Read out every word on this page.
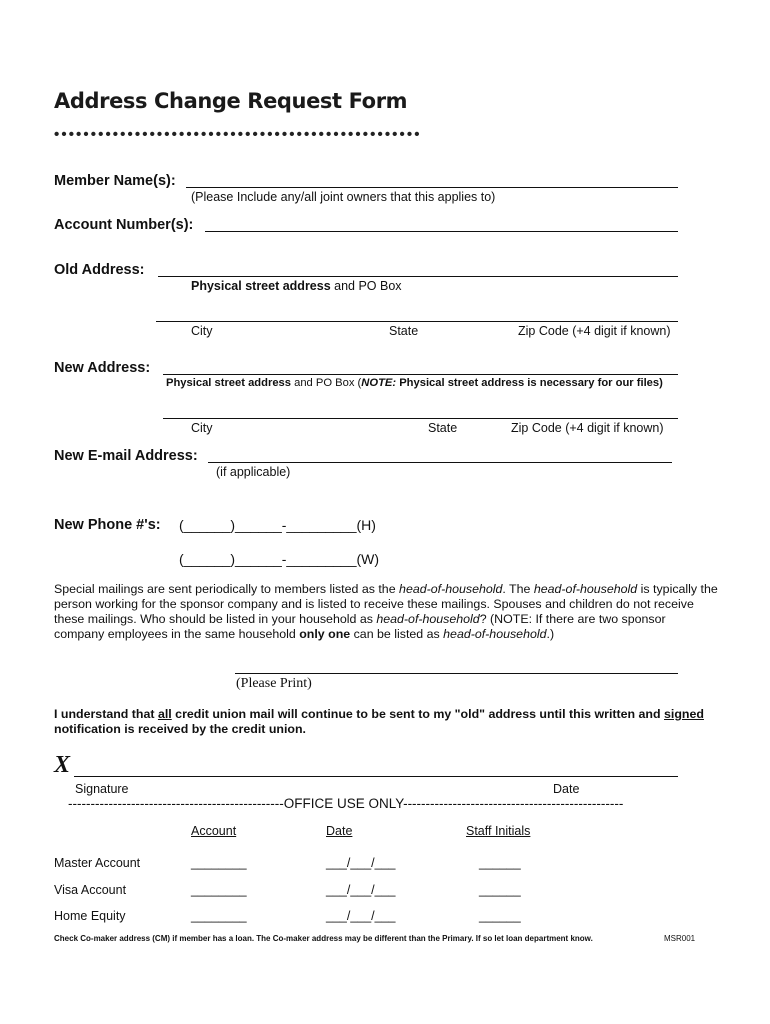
Address Change Request Form
••••••••••••••••••••••••••••••••••••••••••••••••••
Member Name(s):
(Please Include any/all joint owners that this applies to)
Account Number(s):
Old Address:
Physical street address and PO Box
City	State	Zip Code (+4 digit if known)
New Address:
Physical street address and PO Box (NOTE: Physical street address is necessary for our files)
City	State	Zip Code (+4 digit if known)
New E-mail Address:
(if applicable)
New Phone #'s: (______)______-_________(H)
(______)______-_________(W)
Special mailings are sent periodically to members listed as the head-of-household. The head-of-household is typically the person working for the sponsor company and is listed to receive these mailings. Spouses and children do not receive these mailings. Who should be listed in your household as head-of-household? (NOTE: If there are two sponsor company employees in the same household only one can be listed as head-of-household.)
(Please Print)
I understand that all credit union mail will continue to be sent to my "old" address until this written and signed notification is received by the credit union.
X
Signature	Date
------------------------------------------------OFFICE USE ONLY-------------------------------------------------
Account	Date	Staff Initials
Master Account	________	___/___/___	______
Visa Account	________	___/___/___	______
Home Equity	________	___/___/___	______
Check Co-maker address (CM) if member has a loan. The Co-maker address may be different than the Primary. If so let loan department know.	MSR001
